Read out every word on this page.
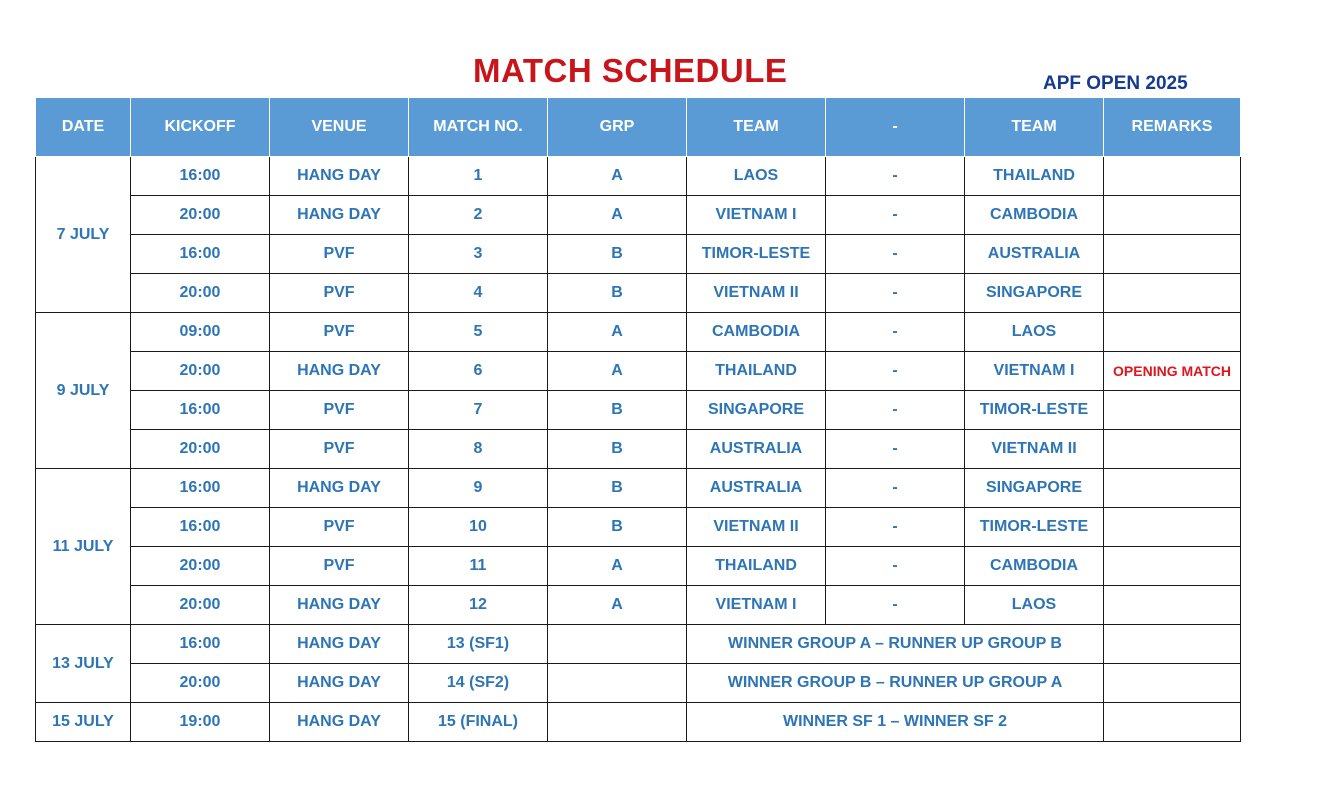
MATCH SCHEDULE	APF OPEN 2025
DATE	KICKOFF	VENUE	MATCH NO.	GRP	TEAM	-	TEAM	REMARKS
7 JULY	16:00	HANG DAY	1	A	LAOS	-	THAILAND	
	20:00	HANG DAY	2	A	VIETNAM I	-	CAMBODIA	
	16:00	PVF	3	B	TIMOR-LESTE	-	AUSTRALIA	
	20:00	PVF	4	B	VIETNAM II	-	SINGAPORE	
9 JULY	09:00	PVF	5	A	CAMBODIA	-	LAOS	
	20:00	HANG DAY	6	A	THAILAND	-	VIETNAM I	OPENING MATCH
	16:00	PVF	7	B	SINGAPORE	-	TIMOR-LESTE	
	20:00	PVF	8	B	AUSTRALIA	-	VIETNAM II	
11 JULY	16:00	HANG DAY	9	B	AUSTRALIA	-	SINGAPORE	
	16:00	PVF	10	B	VIETNAM II	-	TIMOR-LESTE	
	20:00	PVF	11	A	THAILAND	-	CAMBODIA	
	20:00	HANG DAY	12	A	VIETNAM I	-	LAOS	
13 JULY	16:00	HANG DAY	13 (SF1)		WINNER GROUP A – RUNNER UP GROUP B			
	20:00	HANG DAY	14 (SF2)		WINNER GROUP B – RUNNER UP GROUP A			
15 JULY	19:00	HANG DAY	15 (FINAL)		WINNER SF 1 – WINNER SF 2			
